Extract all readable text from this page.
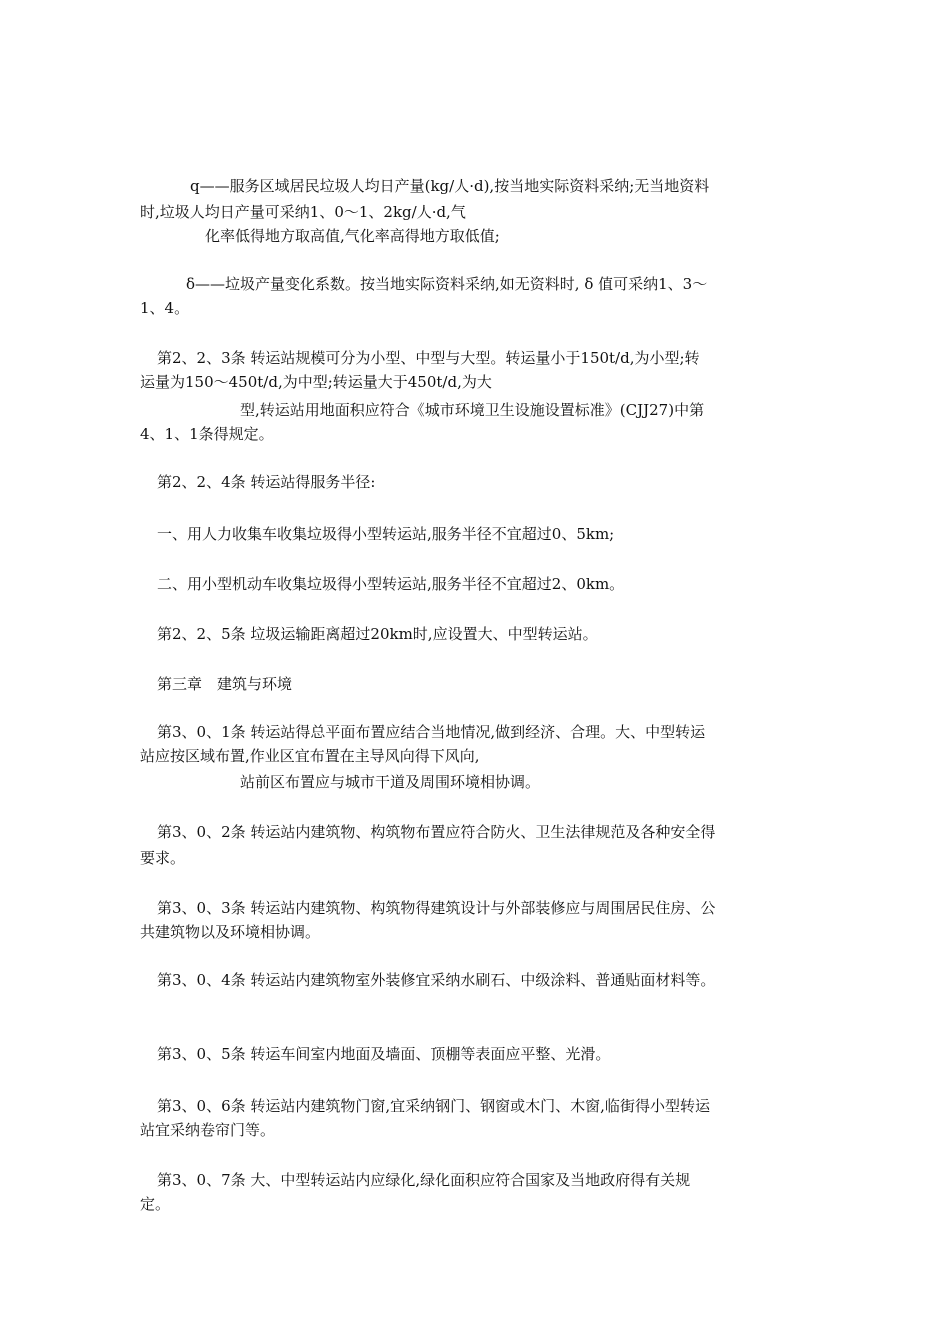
q——服务区域居民垃圾人均日产量(kg/人·d),按当地实际资料采纳;无当地资料
时,垃圾人均日产量可采纳1、0～1、2kg/人·d,气
化率低得地方取高值,气化率高得地方取低值;
δ——垃圾产量变化系数。按当地实际资料采纳,如无资料时, δ 值可采纳1、3～
1、4。
第2、2、3条 转运站规模可分为小型、中型与大型。转运量小于150t/d,为小型;转
运量为150～450t/d,为中型;转运量大于450t/d,为大
型,转运站用地面积应符合《城市环境卫生设施设置标准》(CJJ27)中第
4、1、1条得规定。
第2、2、4条 转运站得服务半径:
一、用人力收集车收集垃圾得小型转运站,服务半径不宜超过0、5km;
二、用小型机动车收集垃圾得小型转运站,服务半径不宜超过2、0km。
第2、2、5条 垃圾运输距离超过20km时,应设置大、中型转运站。
第三章　建筑与环境
第3、0、1条 转运站得总平面布置应结合当地情况,做到经济、合理。大、中型转运
站应按区域布置,作业区宜布置在主导风向得下风向,
站前区布置应与城市干道及周围环境相协调。
第3、0、2条 转运站内建筑物、构筑物布置应符合防火、卫生法律规范及各种安全得
要求。
第3、0、3条 转运站内建筑物、构筑物得建筑设计与外部装修应与周围居民住房、公
共建筑物以及环境相协调。
第3、0、4条 转运站内建筑物室外装修宜采纳水刷石、中级涂料、普通贴面材料等。
第3、0、5条 转运车间室内地面及墙面、顶棚等表面应平整、光滑。
第3、0、6条 转运站内建筑物门窗,宜采纳钢门、钢窗或木门、木窗,临街得小型转运
站宜采纳卷帘门等。
第3、0、7条 大、中型转运站内应绿化,绿化面积应符合国家及当地政府得有关规
定。
